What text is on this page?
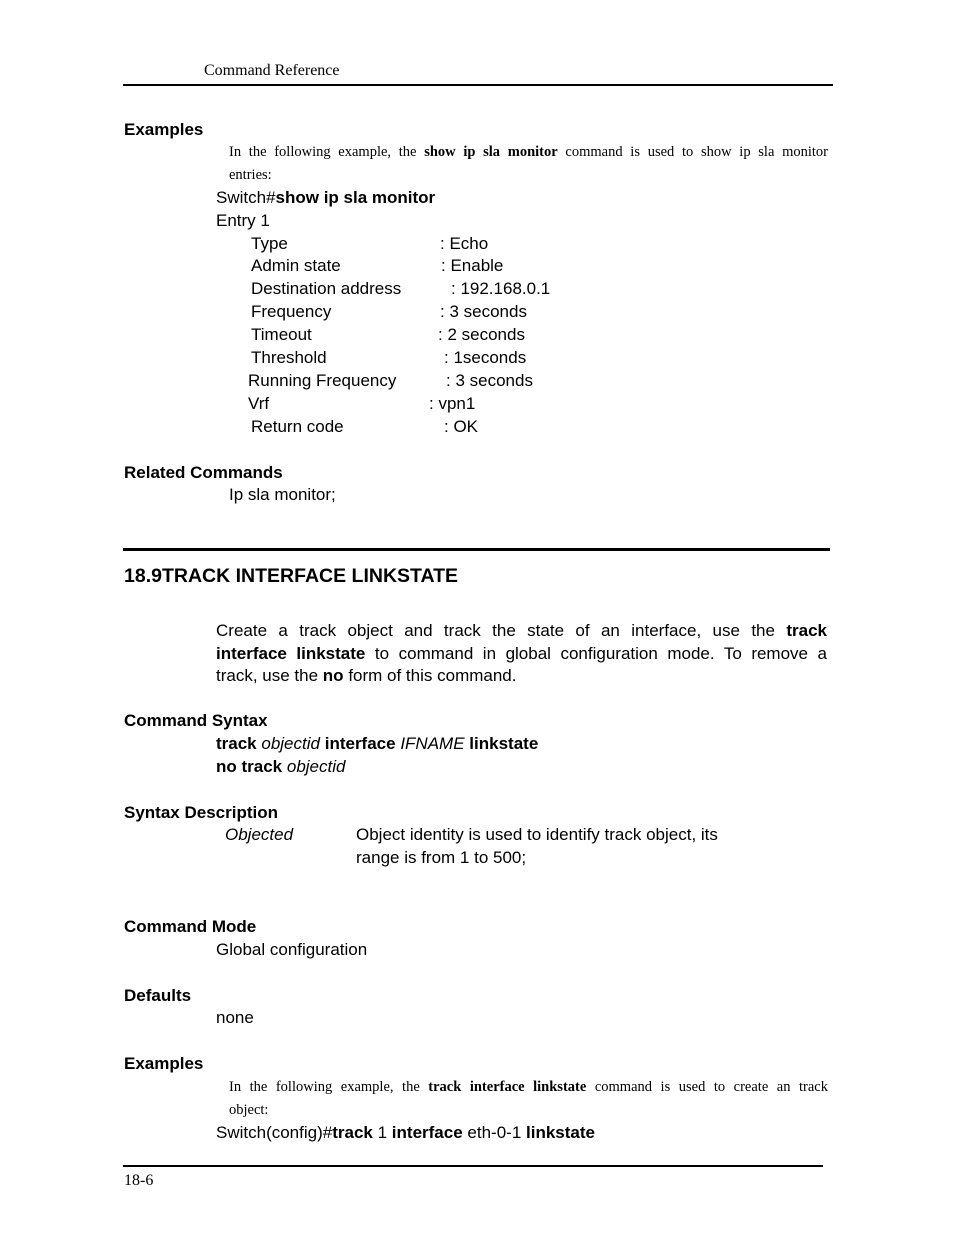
Command Reference
Examples
In the following example, the show ip sla monitor command is used to show ip sla monitor
entries:
Switch#show ip sla monitor
Entry 1
Type	: Echo
Admin state	: Enable
Destination address	: 192.168.0.1
Frequency	: 3 seconds
Timeout	: 2 seconds
Threshold	: 1seconds
Running Frequency	: 3 seconds
Vrf	: vpn1
Return code	: OK
Related Commands
Ip sla monitor;
18.9TRACK INTERFACE LINKSTATE
Create a track object and track the state of an interface, use the track
interface linkstate to command in global configuration mode. To remove a
track, use the no form of this command.
Command Syntax
track objectid interface IFNAME linkstate
no track objectid
Syntax Description
Objected	Object identity is used to identify track object, its
range is from 1 to 500;
Command Mode
Global configuration
Defaults
none
Examples
In the following example, the track interface linkstate command is used to create an track
object:
Switch(config)#track 1 interface eth-0-1 linkstate
18-6
